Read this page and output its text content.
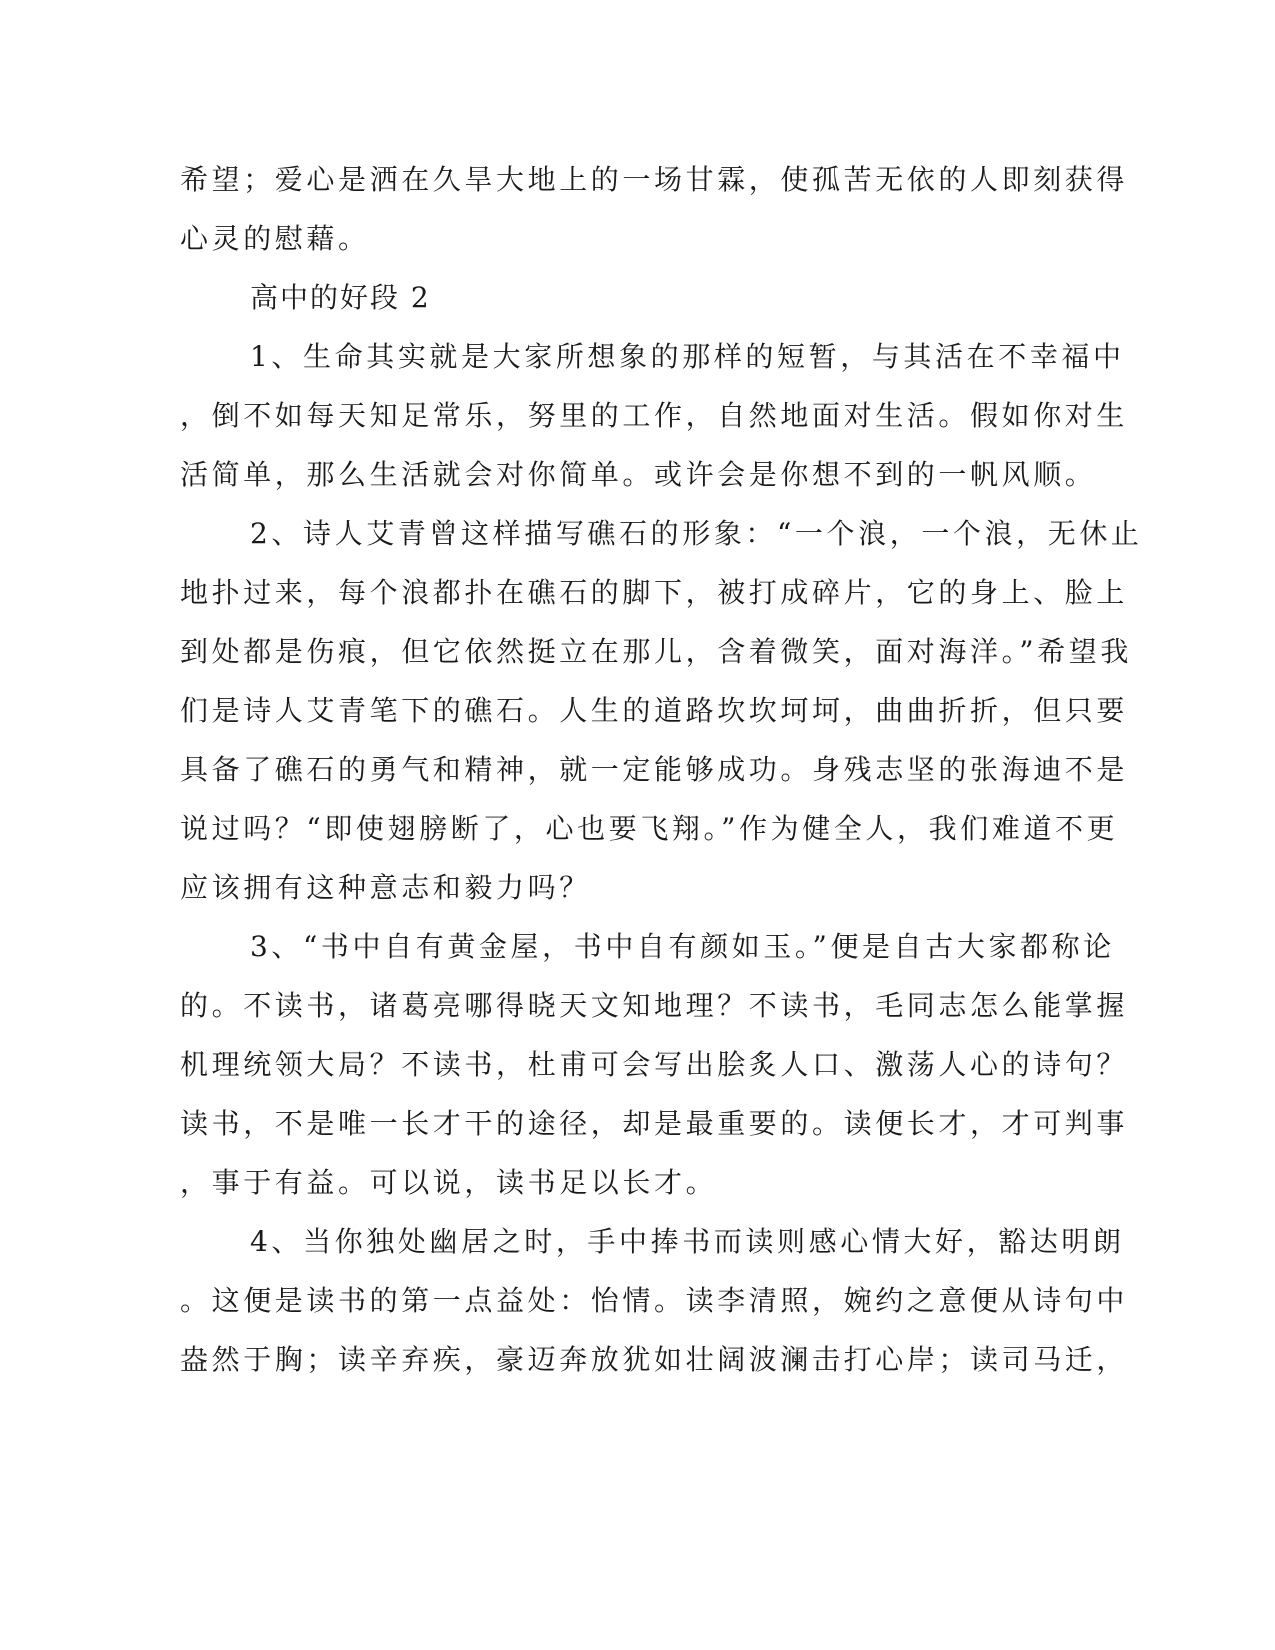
希望；爱心是洒在久旱大地上的一场甘霖，使孤苦无依的人即刻获得
心灵的慰藉。
高中的好段 2
1、生命其实就是大家所想象的那样的短暂，与其活在不幸福中
，倒不如每天知足常乐，努里的工作，自然地面对生活。假如你对生
活简单，那么生活就会对你简单。或许会是你想不到的一帆风顺。
2、诗人艾青曾这样描写礁石的形象：“一个浪，一个浪，无休止
地扑过来，每个浪都扑在礁石的脚下，被打成碎片，它的身上、脸上
到处都是伤痕，但它依然挺立在那儿，含着微笑，面对海洋。”希望我
们是诗人艾青笔下的礁石。人生的道路坎坎坷坷，曲曲折折，但只要
具备了礁石的勇气和精神，就一定能够成功。身残志坚的张海迪不是
说过吗？“即使翅膀断了，心也要飞翔。”作为健全人，我们难道不更
应该拥有这种意志和毅力吗？
3、“书中自有黄金屋，书中自有颜如玉。”便是自古大家都称论
的。不读书，诸葛亮哪得晓天文知地理？不读书，毛同志怎么能掌握
机理统领大局？不读书，杜甫可会写出脍炙人口、激荡人心的诗句？
读书，不是唯一长才干的途径，却是最重要的。读便长才，才可判事
，事于有益。可以说，读书足以长才。
4、当你独处幽居之时，手中捧书而读则感心情大好，豁达明朗
。这便是读书的第一点益处：怡情。读李清照，婉约之意便从诗句中
盎然于胸；读辛弃疾，豪迈奔放犹如壮阔波澜击打心岸；读司马迁，
